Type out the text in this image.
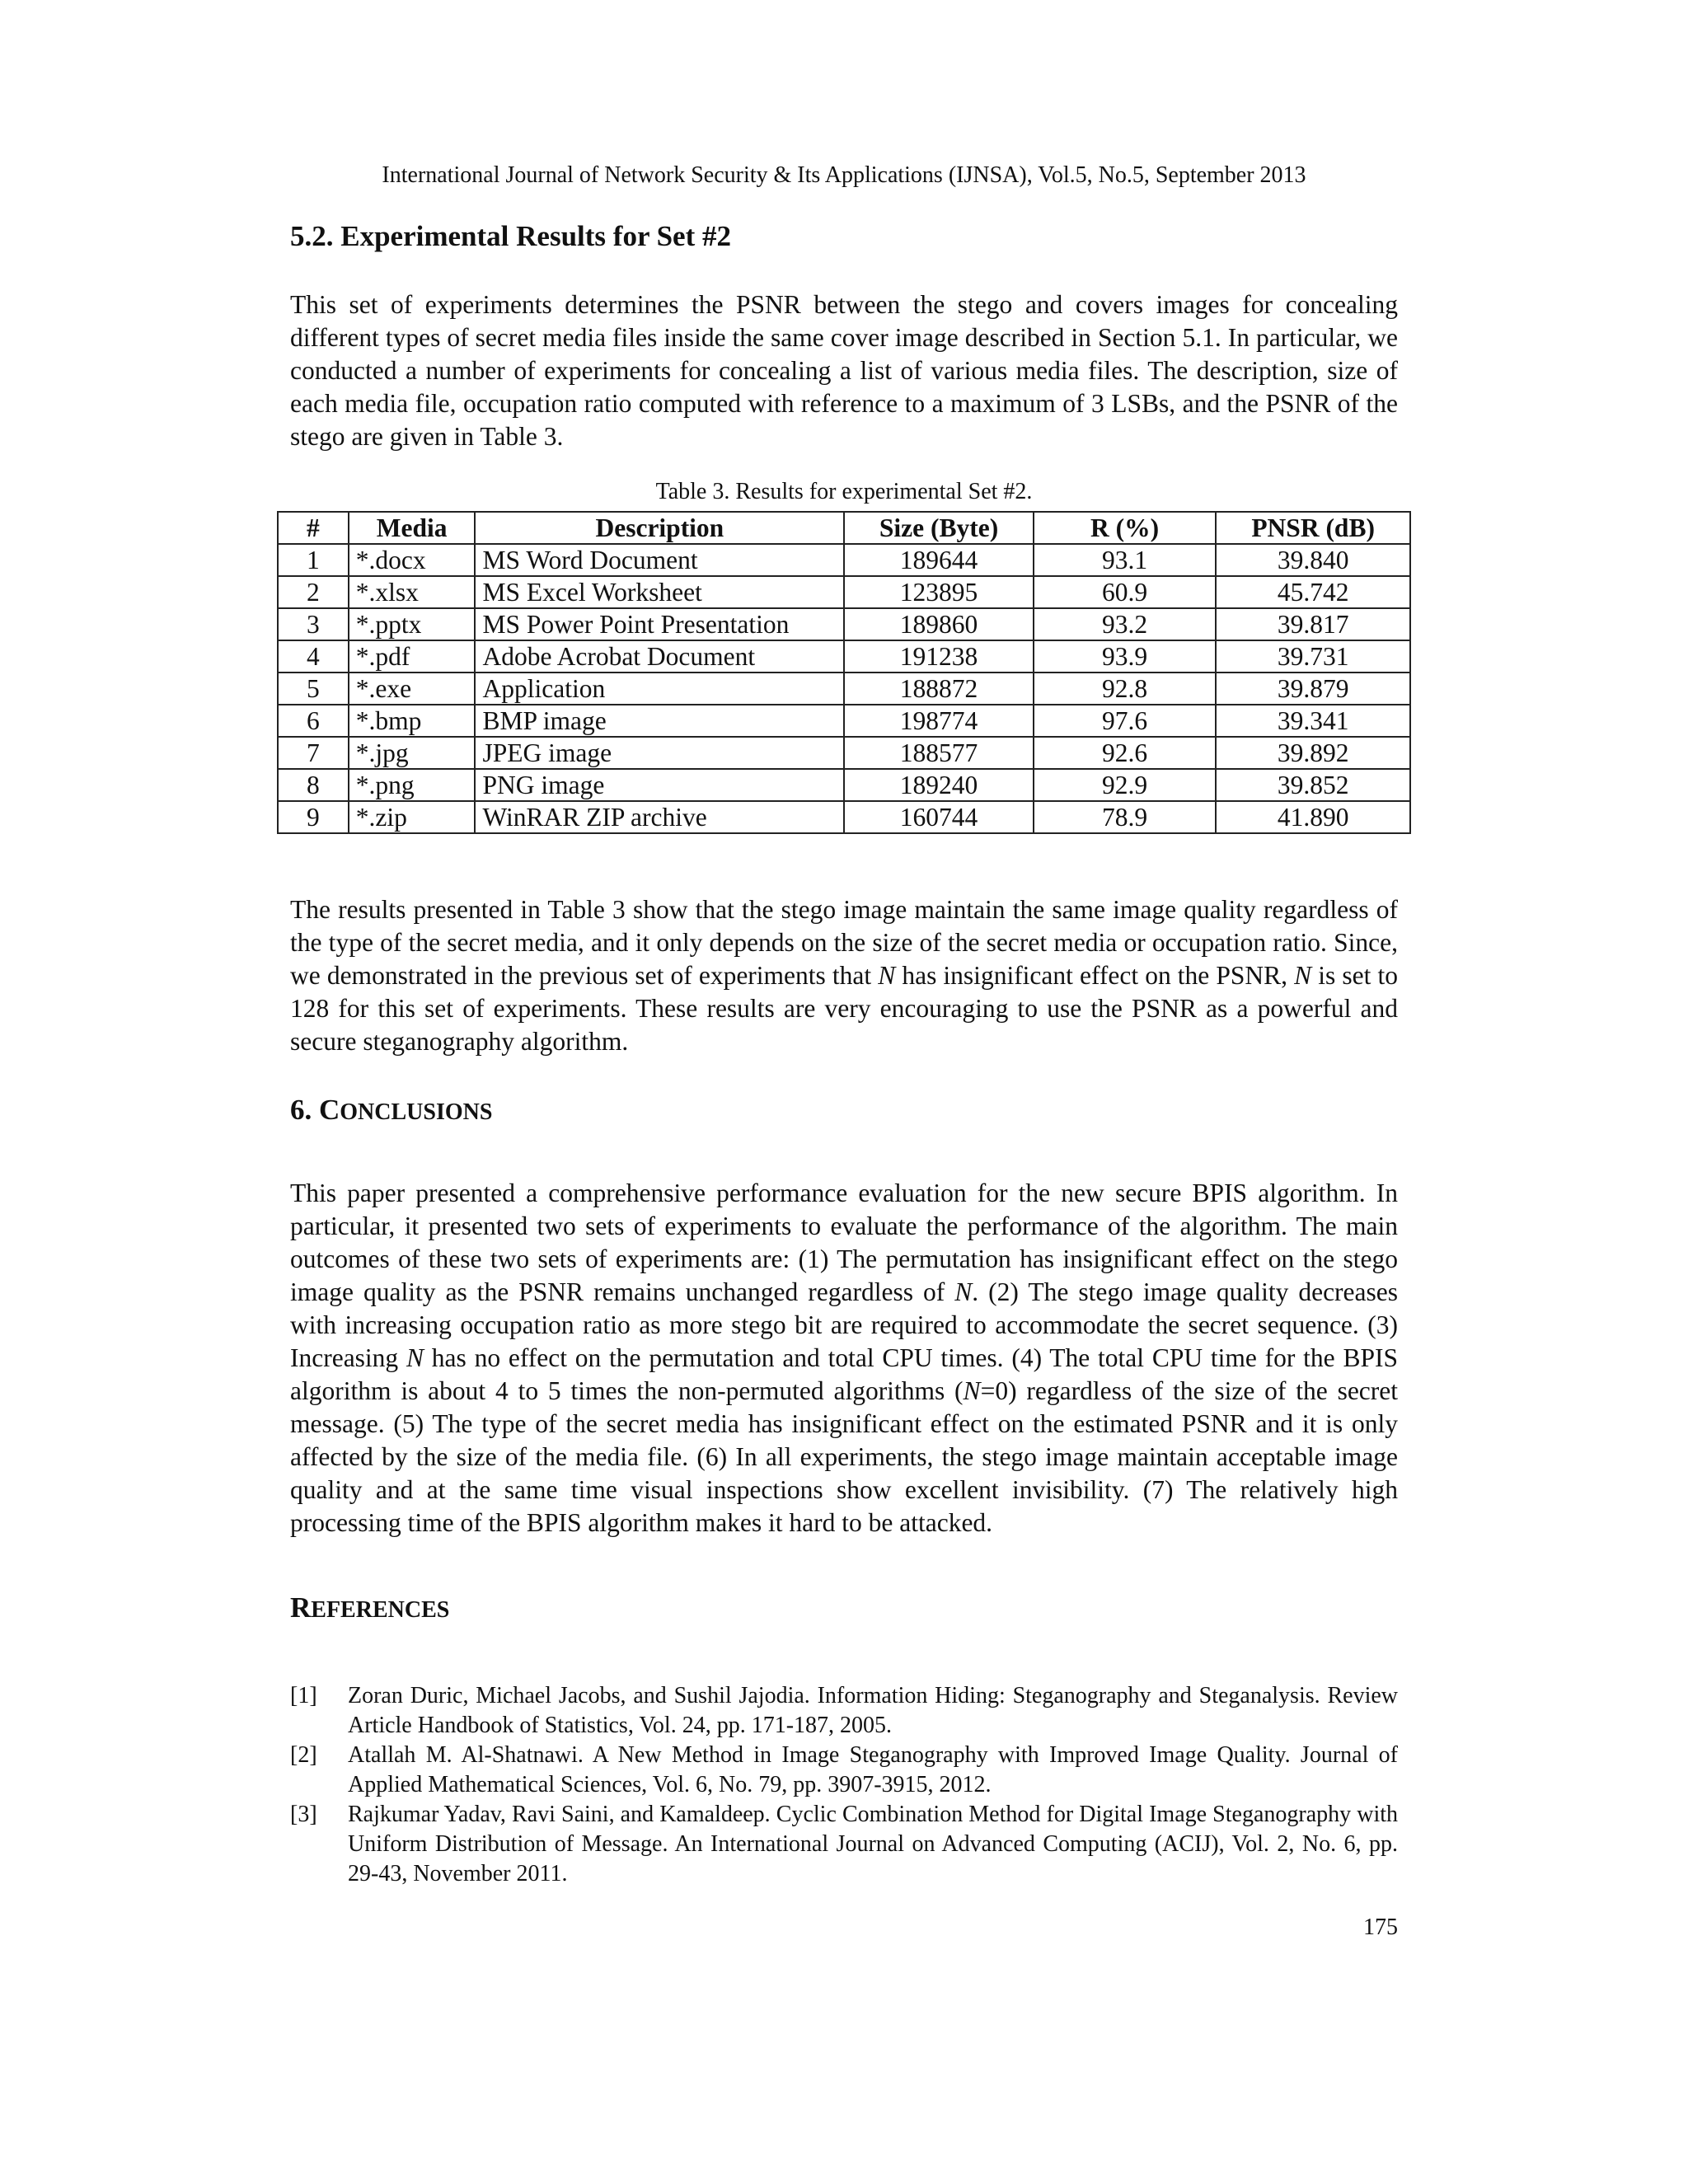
International Journal of Network Security & Its Applications (IJNSA), Vol.5, No.5, September 2013
5.2. Experimental Results for Set #2
This set of experiments determines the PSNR between the stego and covers images for concealing different types of secret media files inside the same cover image described in Section 5.1. In particular, we conducted a number of experiments for concealing a list of various media files. The description, size of each media file, occupation ratio computed with reference to a maximum of 3 LSBs, and the PSNR of the stego are given in Table 3.
Table 3. Results for experimental Set #2.
#	Media	Description	Size (Byte)	R (%)	PNSR (dB)
1	*.docx	MS Word Document	189644	93.1	39.840
2	*.xlsx	MS Excel Worksheet	123895	60.9	45.742
3	*.pptx	MS Power Point Presentation	189860	93.2	39.817
4	*.pdf	Adobe Acrobat Document	191238	93.9	39.731
5	*.exe	Application	188872	92.8	39.879
6	*.bmp	BMP image	198774	97.6	39.341
7	*.jpg	JPEG image	188577	92.6	39.892
8	*.png	PNG image	189240	92.9	39.852
9	*.zip	WinRAR ZIP archive	160744	78.9	41.890
The results presented in Table 3 show that the stego image maintain the same image quality regardless of the type of the secret media, and it only depends on the size of the secret media or occupation ratio. Since, we demonstrated in the previous set of experiments that N has insignificant effect on the PSNR, N is set to 128 for this set of experiments. These results are very encouraging to use the PSNR as a powerful and secure steganography algorithm.
6. CONCLUSIONS
This paper presented a comprehensive performance evaluation for the new secure BPIS algorithm. In particular, it presented two sets of experiments to evaluate the performance of the algorithm. The main outcomes of these two sets of experiments are: (1) The permutation has insignificant effect on the stego image quality as the PSNR remains unchanged regardless of N. (2) The stego image quality decreases with increasing occupation ratio as more stego bit are required to accommodate the secret sequence. (3) Increasing N has no effect on the permutation and total CPU times. (4) The total CPU time for the BPIS algorithm is about 4 to 5 times the non-permuted algorithms (N=0) regardless of the size of the secret message. (5) The type of the secret media has insignificant effect on the estimated PSNR and it is only affected by the size of the media file. (6) In all experiments, the stego image maintain acceptable image quality and at the same time visual inspections show excellent invisibility. (7) The relatively high processing time of the BPIS algorithm makes it hard to be attacked.
REFERENCES
[1] Zoran Duric, Michael Jacobs, and Sushil Jajodia. Information Hiding: Steganography and Steganalysis. Review Article Handbook of Statistics, Vol. 24, pp. 171-187, 2005.
[2] Atallah M. Al-Shatnawi. A New Method in Image Steganography with Improved Image Quality. Journal of Applied Mathematical Sciences, Vol. 6, No. 79, pp. 3907-3915, 2012.
[3] Rajkumar Yadav, Ravi Saini, and Kamaldeep. Cyclic Combination Method for Digital Image Steganography with Uniform Distribution of Message. An International Journal on Advanced Computing (ACIJ), Vol. 2, No. 6, pp. 29-43, November 2011.
175
